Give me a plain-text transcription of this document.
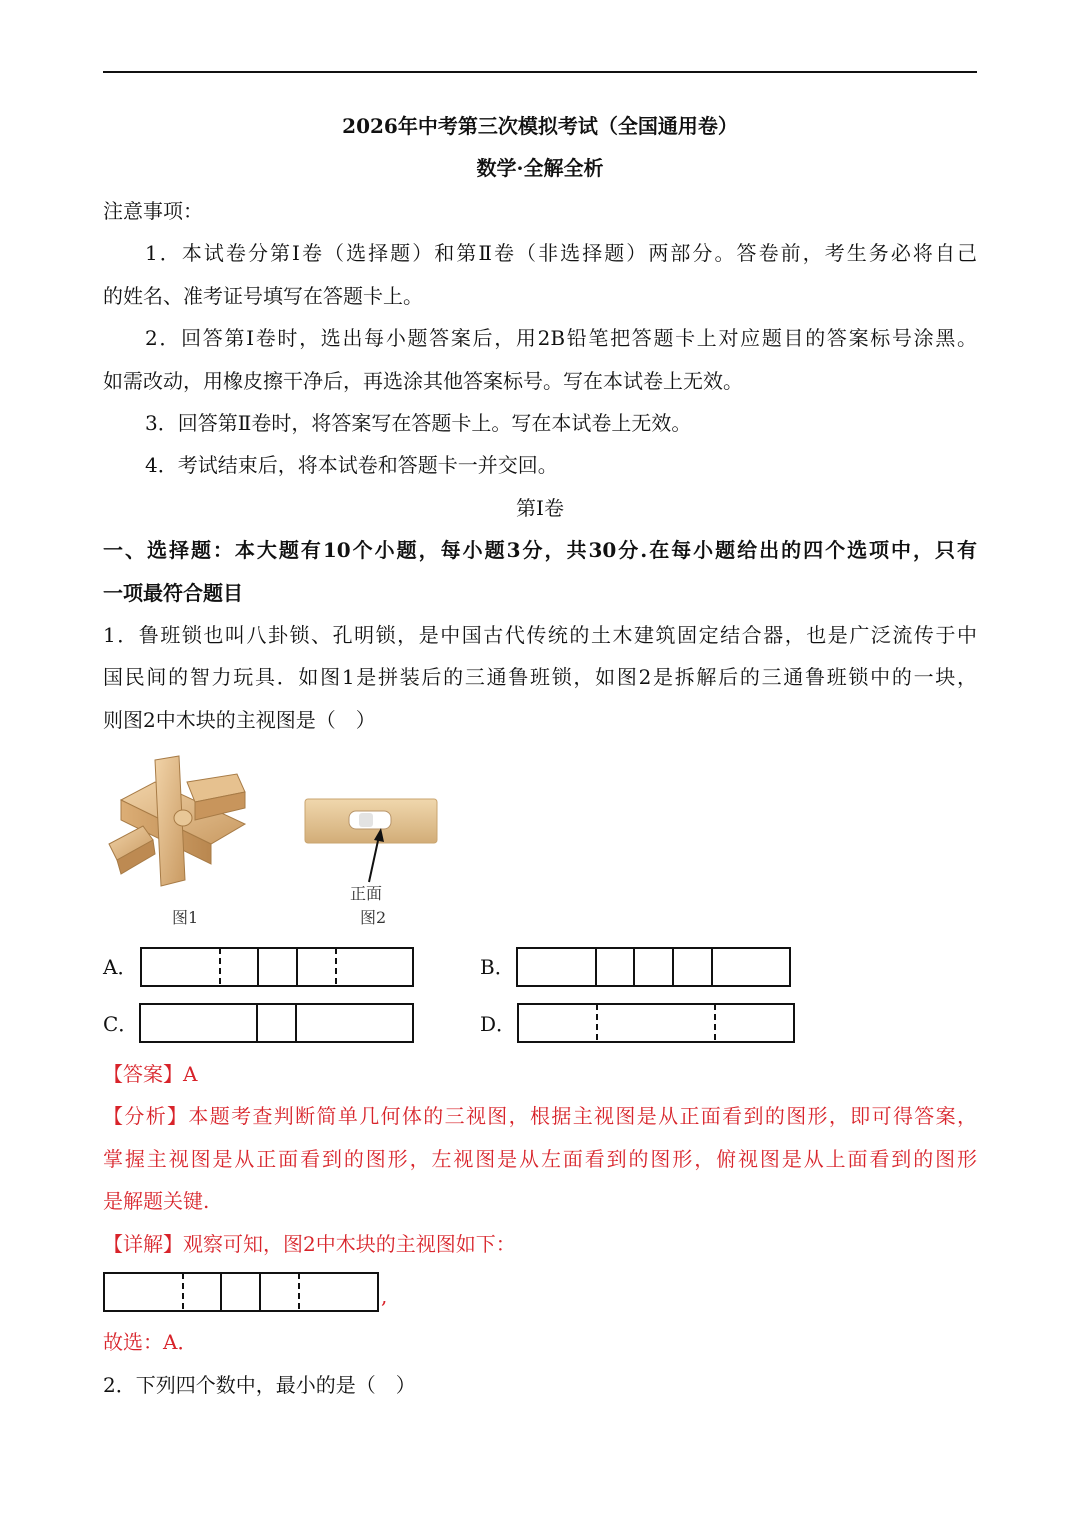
2026年中考第三次模拟考试（全国通用卷）
数学·全解全析
注意事项：
1．本试卷分第Ⅰ卷（选择题）和第Ⅱ卷（非选择题）两部分。答卷前，考生务必将自己
的姓名、准考证号填写在答题卡上。
2．回答第Ⅰ卷时，选出每小题答案后，用2B铅笔把答题卡上对应题目的答案标号涂黑。
如需改动，用橡皮擦干净后，再选涂其他答案标号。写在本试卷上无效。
3．回答第Ⅱ卷时，将答案写在答题卡上。写在本试卷上无效。
4．考试结束后，将本试卷和答题卡一并交回。
第Ⅰ卷
一、选择题：本大题有10个小题，每小题3分，共30分.在每小题给出的四个选项中，只有
一项最符合题目
1．鲁班锁也叫八卦锁、孔明锁，是中国古代传统的土木建筑固定结合器，也是广泛流传于中
国民间的智力玩具．如图1是拼装后的三通鲁班锁，如图2是拆解后的三通鲁班锁中的一块，
则图2中木块的主视图是（　）
图1
正面
图2
A．	B．
C．	D．
【答案】A
【分析】本题考查判断简单几何体的三视图，根据主视图是从正面看到的图形，即可得答案，
掌握主视图是从正面看到的图形，左视图是从左面看到的图形，俯视图是从上面看到的图形
是解题关键.
【详解】观察可知，图2中木块的主视图如下：
,
故选：A．
2．下列四个数中，最小的是（　）
